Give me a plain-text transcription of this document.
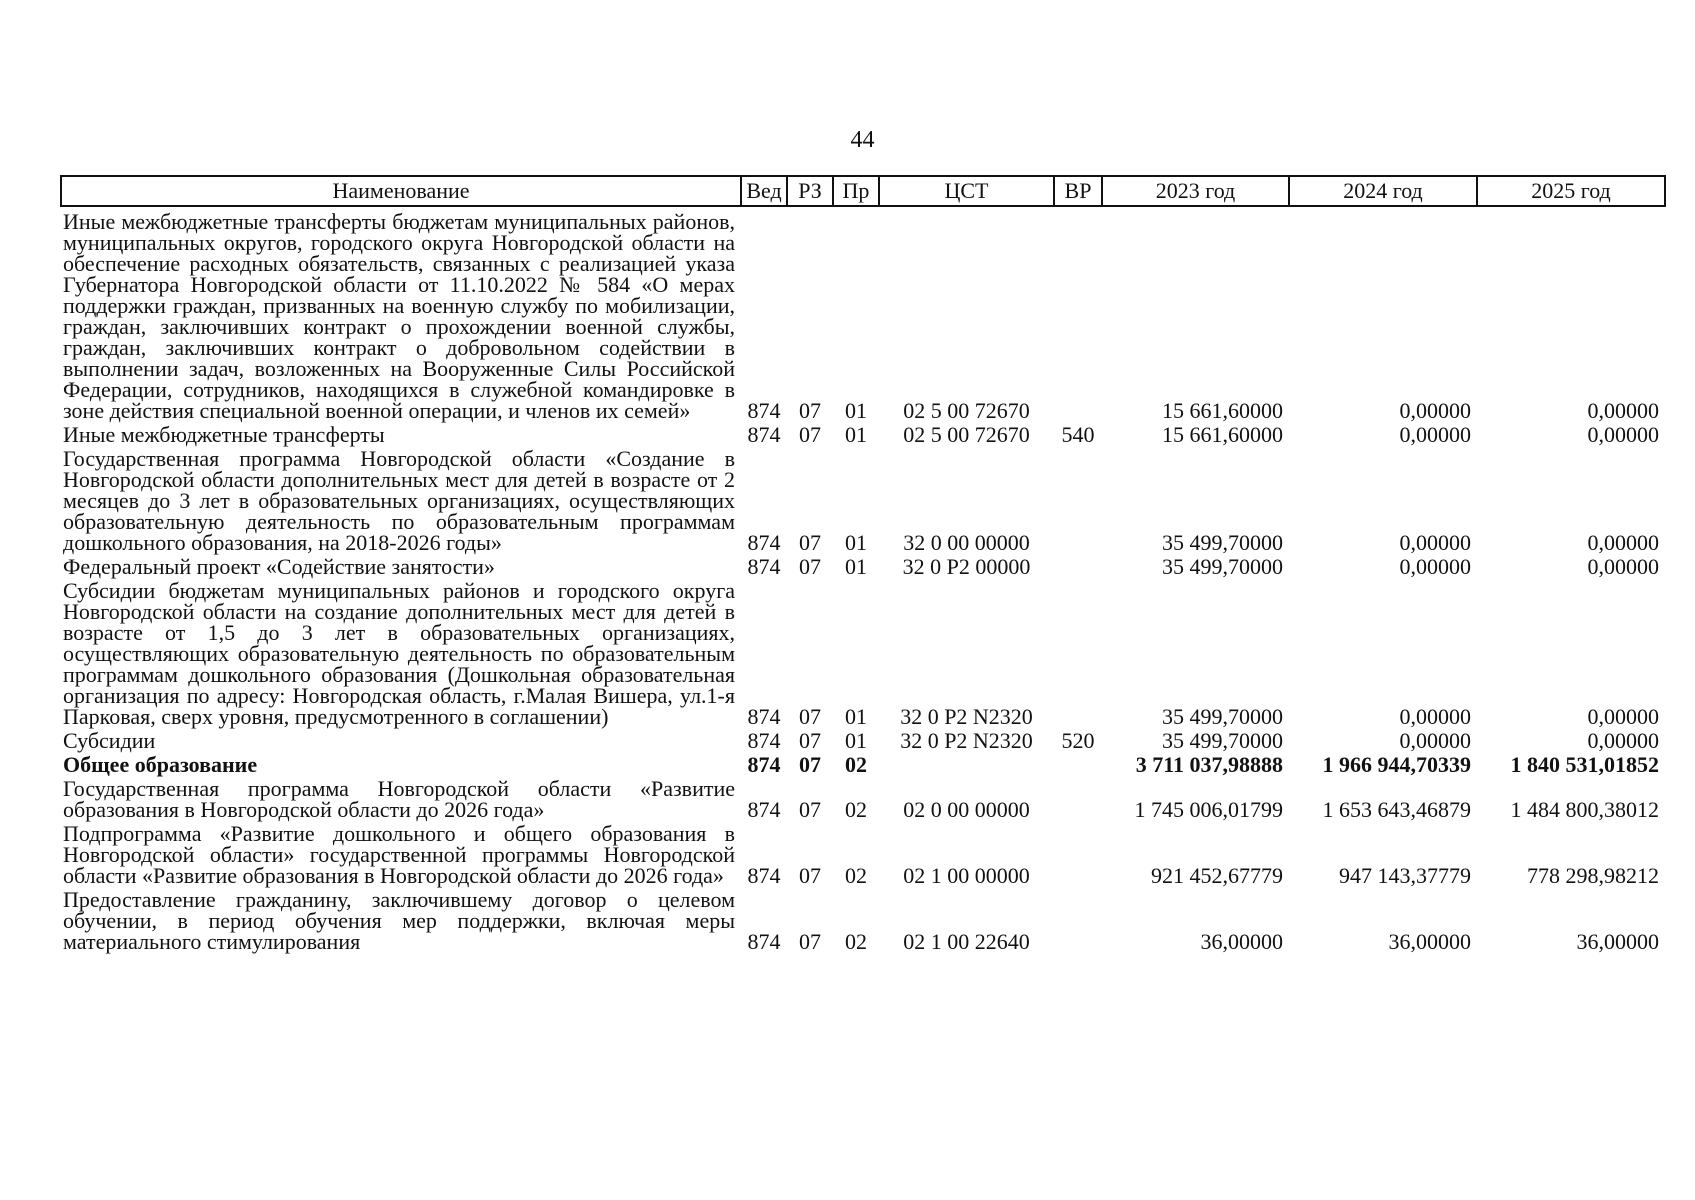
44
Наименование	Вед	РЗ	Пр	ЦСТ	ВР	2023 год	2024 год	2025 год
Иные межбюджетные трансферты бюджетам муниципальных районов, муниципальных округов, городского округа Новгородской области на обеспечение расходных обязательств, связанных с реализацией указа Губернатора Новгородской области от 11.10.2022 № 584 «О мерах поддержки граждан, призванных на военную службу по мобилизации, граждан, заключивших контракт о прохождении военной службы, граждан, заключивших контракт о добровольном содействии в выполнении задач, возложенных на Вооруженные Силы Российской Федерации, сотрудников, находящихся в служебной командировке в зоне действия специальной военной операции, и членов их семей»	874	07	01	02 5 00 72670		15 661,60000	0,00000	0,00000
Иные межбюджетные трансферты	874	07	01	02 5 00 72670	540	15 661,60000	0,00000	0,00000
Государственная программа Новгородской области «Создание в Новгородской области дополнительных мест для детей в возрасте от 2 месяцев до 3 лет в образовательных организациях, осуществляющих образовательную деятельность по образовательным программам дошкольного образования, на 2018-2026 годы»	874	07	01	32 0 00 00000		35 499,70000	0,00000	0,00000
Федеральный проект «Содействие занятости»	874	07	01	32 0 P2 00000		35 499,70000	0,00000	0,00000
Субсидии бюджетам муниципальных районов и городского округа Новгородской области на создание дополнительных мест для детей в возрасте от 1,5 до 3 лет в образовательных организациях, осуществляющих образовательную деятельность по образовательным программам дошкольного образования (Дошкольная образовательная организация по адресу: Новгородская область, г.Малая Вишера, ул.1-я Парковая, сверх уровня, предусмотренного в соглашении)	874	07	01	32 0 P2 N2320		35 499,70000	0,00000	0,00000
Субсидии	874	07	01	32 0 P2 N2320	520	35 499,70000	0,00000	0,00000
Общее образование	874	07	02			3 711 037,98888	1 966 944,70339	1 840 531,01852
Государственная программа Новгородской области «Развитие образования в Новгородской области до 2026 года»	874	07	02	02 0 00 00000		1 745 006,01799	1 653 643,46879	1 484 800,38012
Подпрограмма «Развитие дошкольного и общего образования в Новгородской области» государственной программы Новгородской области «Развитие образования в Новгородской области до 2026 года»	874	07	02	02 1 00 00000		921 452,67779	947 143,37779	778 298,98212
Предоставление гражданину, заключившему договор о целевом обучении, в период обучения мер поддержки, включая меры материального стимулирования	874	07	02	02 1 00 22640		36,00000	36,00000	36,00000
